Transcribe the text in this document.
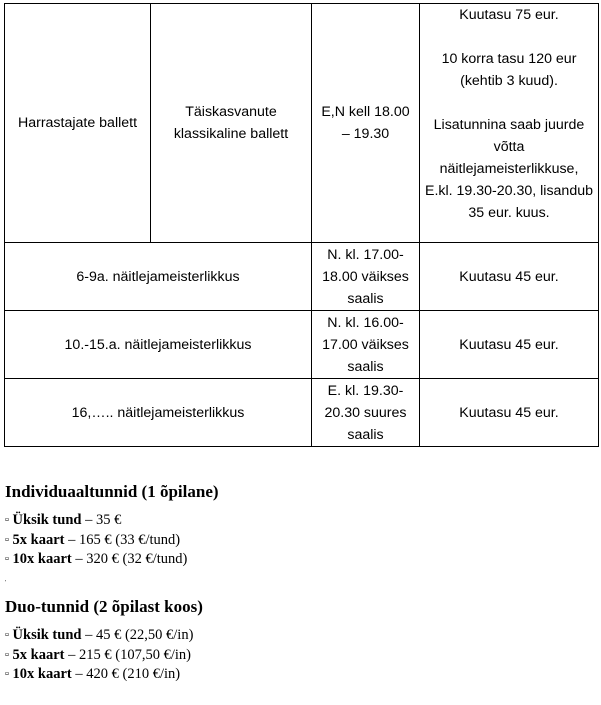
Harrastajate ballett	Täiskasvanute klassikaline ballett	E,N kell 18.00 – 19.30	Kuutasu 75 eur.

10 korra tasu 120 eur (kehtib 3 kuud).

Lisatunnina saab juurde võtta näitlejameisterlikkuse, E.kl. 19.30-20.30, lisandub 35 eur. kuus.
6-9a. näitlejameisterlikkus		N. kl. 17.00-18.00 väikses saalis	Kuutasu 45 eur.
10.-15.a. näitlejameisterlikkus		N. kl. 16.00-17.00 väikses saalis	Kuutasu 45 eur.
16,….. näitlejameisterlikkus		E. kl. 19.30-20.30 suures saalis	Kuutasu 45 eur.
Individuaaltunnid (1 õpilane)
▫ Üksik tund – 35 €
▫ 5x kaart – 165 € (33 €/tund)
▫ 10x kaart – 320 € (32 €/tund)
'
Duo-tunnid (2 õpilast koos)
▫ Üksik tund – 45 € (22,50 €/in)
▫ 5x kaart – 215 € (107,50 €/in)
▫ 10x kaart – 420 € (210 €/in)
